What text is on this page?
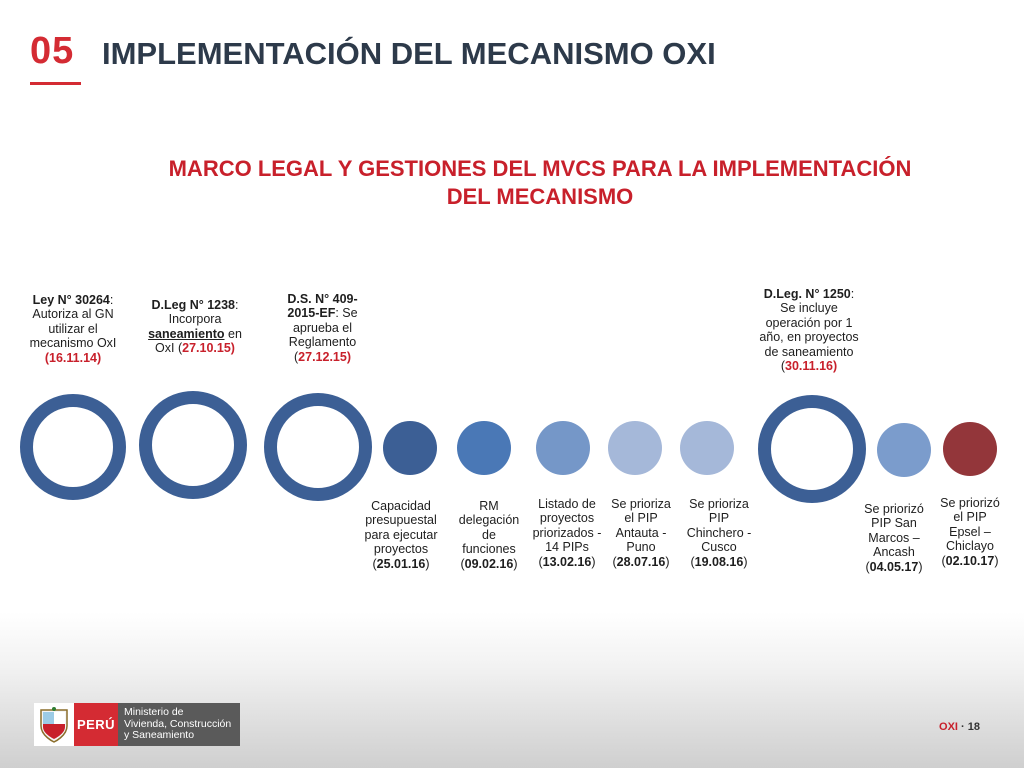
05 IMPLEMENTACIÓN DEL MECANISMO OXI
MARCO LEGAL Y GESTIONES DEL MVCS PARA LA IMPLEMENTACIÓN
DEL MECANISMO
Ley N° 30264: Autoriza al GN
utilizar el
mecanismo OxI
(16.11.14)
D.Leg N° 1238:
Incorpora
saneamiento en
OxI (27.10.15)
D.S. N° 409-
2015-EF: Se
aprueba el
Reglamento
(27.12.15)
D.Leg. N° 1250:
Se incluye
operación por 1
año, en proyectos
de saneamiento
(30.11.16)
Capacidad
presupuestal
para ejecutar
proyectos
(25.01.16)
RM
delegación
de
funciones
(09.02.16)
Listado de
proyectos
priorizados -
14 PIPs
(13.02.16)
Se prioriza
el PIP
Antauta -
Puno
(28.07.16)
Se prioriza
PIP
Chinchero -
Cusco
(19.08.16)
Se priorizó
PIP San
Marcos –
Ancash
(04.05.17)
Se priorizó
el PIP
Epsel –
Chiclayo
(02.10.17)
PERÚ
Ministerio de
Vivienda, Construcción
y Saneamiento
OXI · 18
